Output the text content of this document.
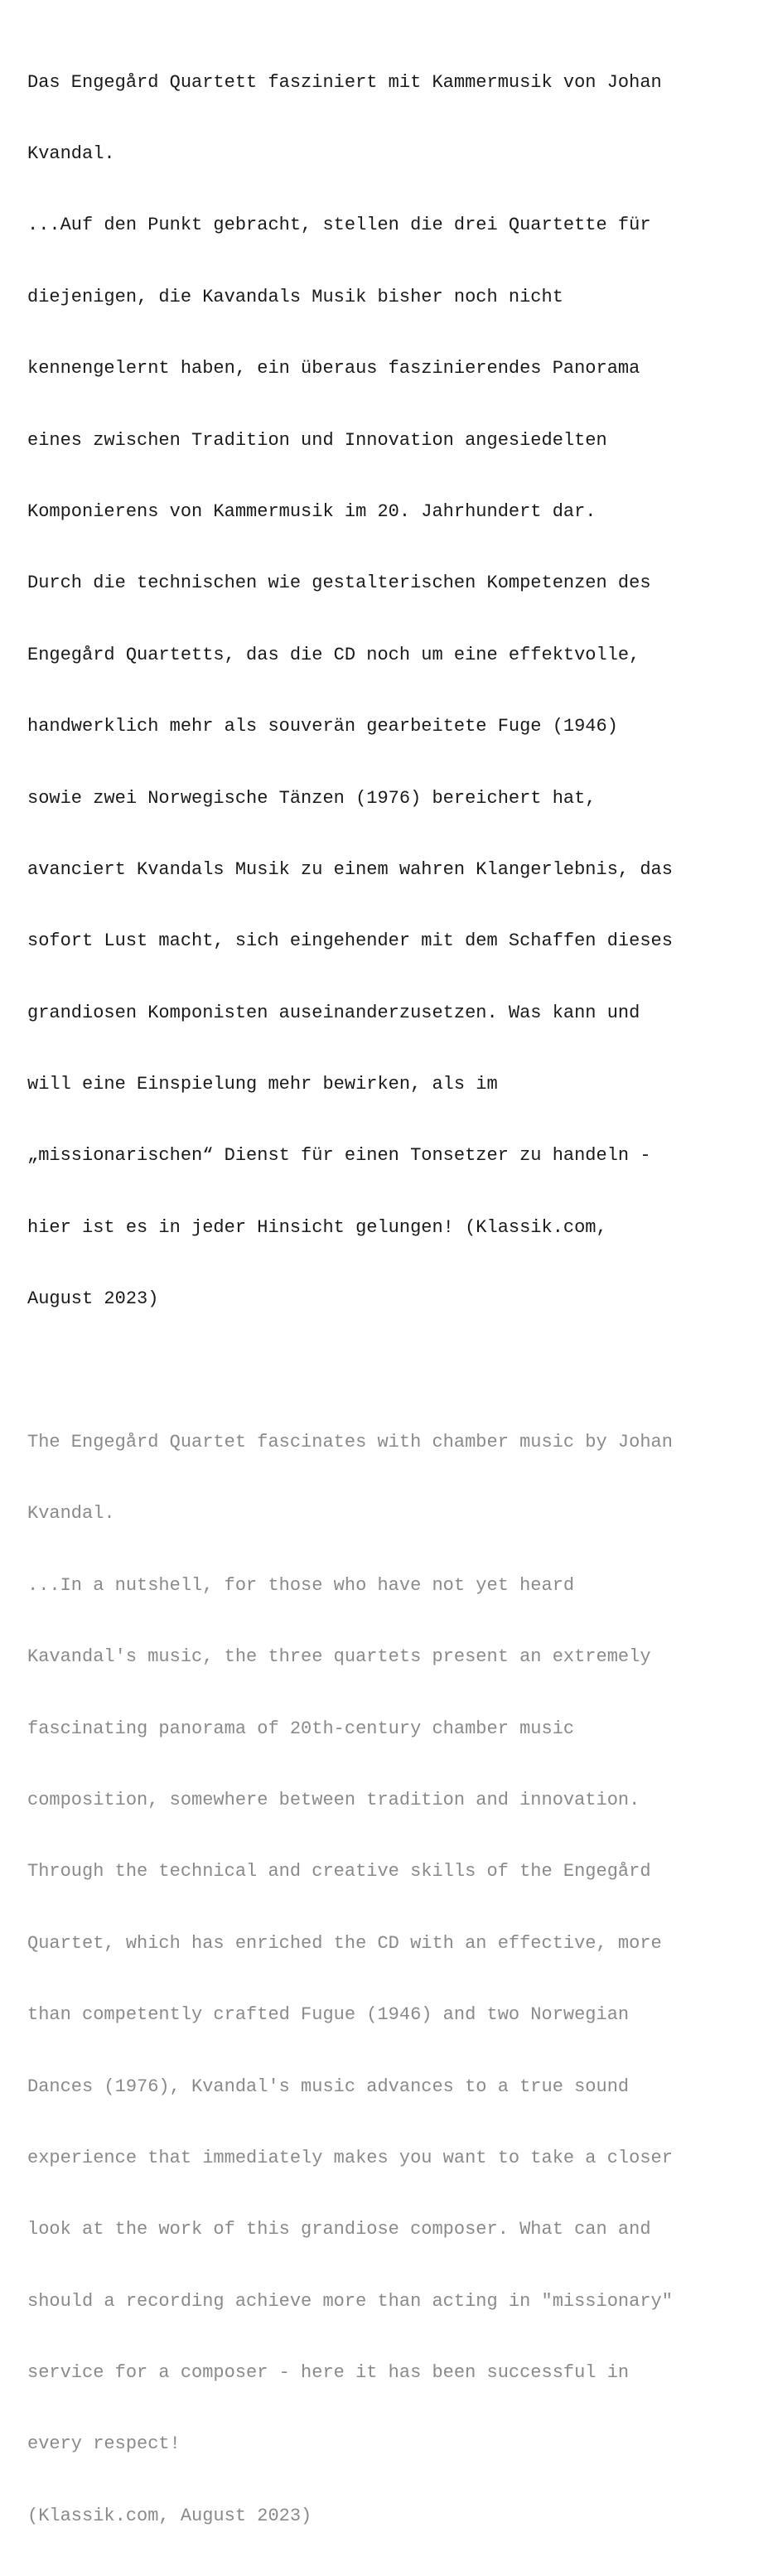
Das Engegård Quartett fasziniert mit Kammermusik von Johan

Kvandal.

...Auf den Punkt gebracht, stellen die drei Quartette für

diejenigen, die Kavandals Musik bisher noch nicht

kennengelernt haben, ein überaus faszinierendes Panorama

eines zwischen Tradition und Innovation angesiedelten

Komponierens von Kammermusik im 20. Jahrhundert dar.

Durch die technischen wie gestalterischen Kompetenzen des

Engegård Quartetts, das die CD noch um eine effektvolle,

handwerklich mehr als souverän gearbeitete Fuge (1946)

sowie zwei Norwegische Tänzen (1976) bereichert hat,

avanciert Kvandals Musik zu einem wahren Klangerlebnis, das

sofort Lust macht, sich eingehender mit dem Schaffen dieses

grandiosen Komponisten auseinanderzusetzen. Was kann und

will eine Einspielung mehr bewirken, als im

„missionarischen“ Dienst für einen Tonsetzer zu handeln -

hier ist es in jeder Hinsicht gelungen! (Klassik.com,

August 2023)

The Engegård Quartet fascinates with chamber music by Johan

Kvandal.

...In a nutshell, for those who have not yet heard

Kavandal's music, the three quartets present an extremely

fascinating panorama of 20th-century chamber music

composition, somewhere between tradition and innovation.

Through the technical and creative skills of the Engegård

Quartet, which has enriched the CD with an effective, more

than competently crafted Fugue (1946) and two Norwegian

Dances (1976), Kvandal's music advances to a true sound

experience that immediately makes you want to take a closer

look at the work of this grandiose composer. What can and

should a recording achieve more than acting in "missionary"

service for a composer - here it has been successful in

every respect!

(Klassik.com, August 2023)
